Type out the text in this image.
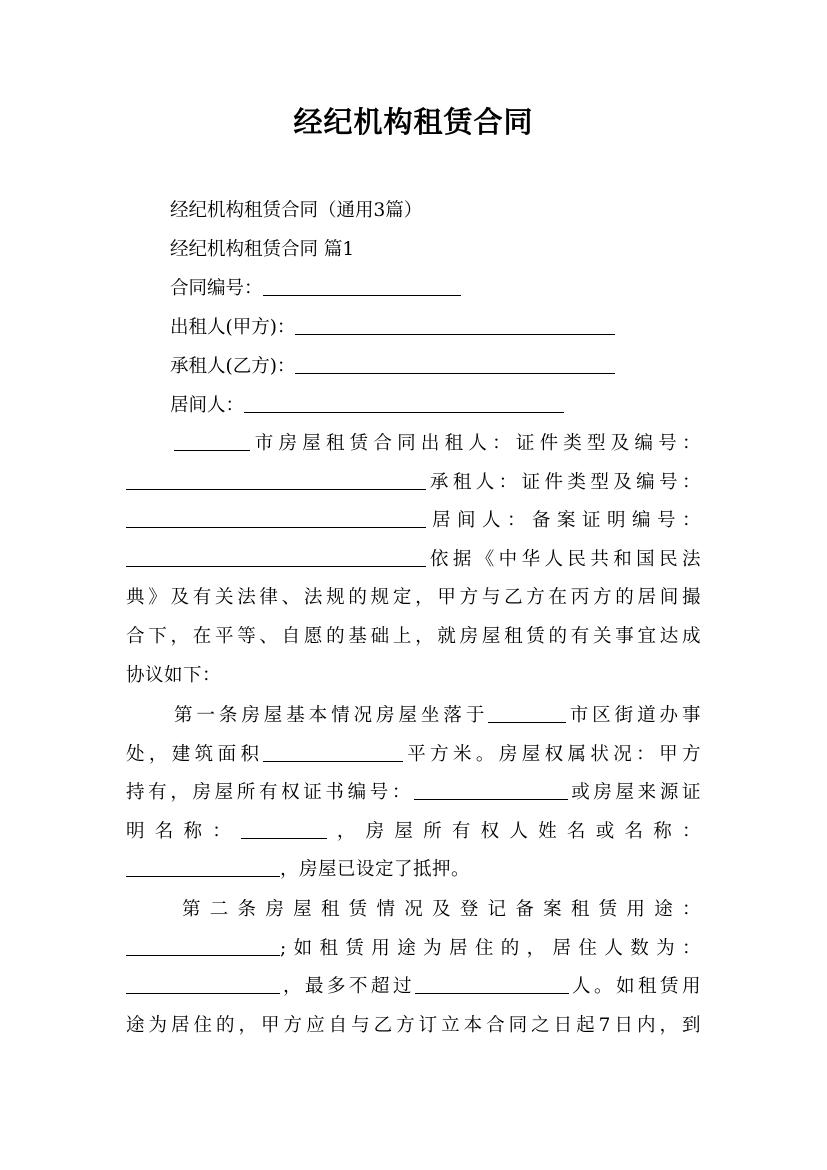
经纪机构租赁合同
经纪机构租赁合同（通用3篇）
经纪机构租赁合同 篇1
合同编号：
出租人(甲方)：
承租人(乙方)：
居间人：
市房屋租赁合同出租人：证件类型及编号：
承租人：证件类型及编号：
居间人：备案证明编号：
依据《中华人民共和国民法
典》及有关法律、法规的规定，甲方与乙方在丙方的居间撮
合下，在平等、自愿的基础上，就房屋租赁的有关事宜达成
协议如下：
第一条房屋基本情况房屋坐落于	市区街道办事
处，建筑面积	平方米。房屋权属状况：甲方
持有，房屋所有权证书编号：	或房屋来源证
明名称：	，房屋所有权人姓名或名称：
，房屋已设定了抵押。
第二条房屋租赁情况及登记备案租赁用途：
;如租赁用途为居住的，居住人数为：
，最多不超过	人。如租赁用
途为居住的，甲方应自与乙方订立本合同之日起7日内，到
